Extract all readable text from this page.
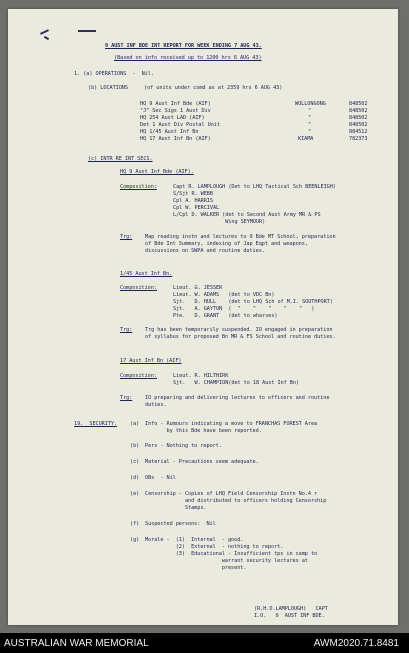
9 AUST INF BDE INT REPORT FOR WEEK ENDING 7 AUG 43.
(Based on info received up to 1200 hrs 6 AUG 43)
1. (a) OPERATIONS  -  Nil.
(b) LOCATIONS	(of units under comd as at 2359 hrs 6 AUG 43)
HQ 9 Aust Inf Bde (AIF)	WOLLONGONG	848502
"J" Sec Sigs 1 Aust Div	"	848502
HQ 254 Aust LAD (AIF)	"	848502
Det 1 Aust Div Postal Unit	"	848502
HQ 1/45 Aust Inf Bn	"	884512
HQ 17 Aust Inf Bn (AIF)	KIAMA	782373
(c) INTR RE INT SECS.
HQ 9 Aust Inf Bde (AIF).
Composition:	Capt R. LAMPLOUGH (Det to LHQ Tactical Sch BEENLEIGH)
S/Sjt R. WEBB
Cpl A. HARRIS
Cpl W. PERCIVAL
L/Cpl D. WALKER (det to Second Aust Army MR & PS
Wing SEYMOUR)
Trg: Map reading instn and lectures to 9 Bde MT School, preparation
of Bde Int Summary, indexing of Jap Eqpt and weapons,
discussions on SWPA and routine duties.
1/45 Aust Inf Bn.
Composition:	Lieut. G. JESSER
Lieut. W. ADAMS   (det to VDC Bn)
Sjt.   D. HULL    (det to LHQ Sch of M.I. SOUTHPORT)
Sjt.   A. GAYTON  (  "    "    "    "    "   )
Pte.   D. GRANT   (det to wharves)
Trg: Trg has been temporarily suspended. IO engaged in preparation
of syllabus for proposed Bn MR & FS School and routine duties.
17 Aust Inf Bn (AIF)
Composition:	Lieut. R. HILTHIRK
Sjt.   W. CHAMPION(det to 18 Aust Inf Bn)
Trg: IO preparing and delivering lectures to officers and routine
duties.
19.  SECURITY. (a) Info - Rumours indicating a move to FRANCHAS FOREST Area
by this Bde have been reported.
(b) Pers - Nothing to report.
(c) Material - Precautions seem adequate.
(d) OBs  - Nil
(e) Censorship - Copies of LHQ Field Censorship Instn No.4 r
and distributed to officers holding Censorship
Stamps.
(f) Suspected persons:  Nil
(g) Morale -  (1)  Internal  - good.
(2)  External  - nothing to report.
(3)  Educational - Insufficient tps in camp to
warrant security lectures at
present.
(R.H.O.LAMPLOUGH)   CAPT
I.O.   9  AUST INF BDE.
AUSTRALIAN WAR MEMORIAL	AWM2020.71.8481
